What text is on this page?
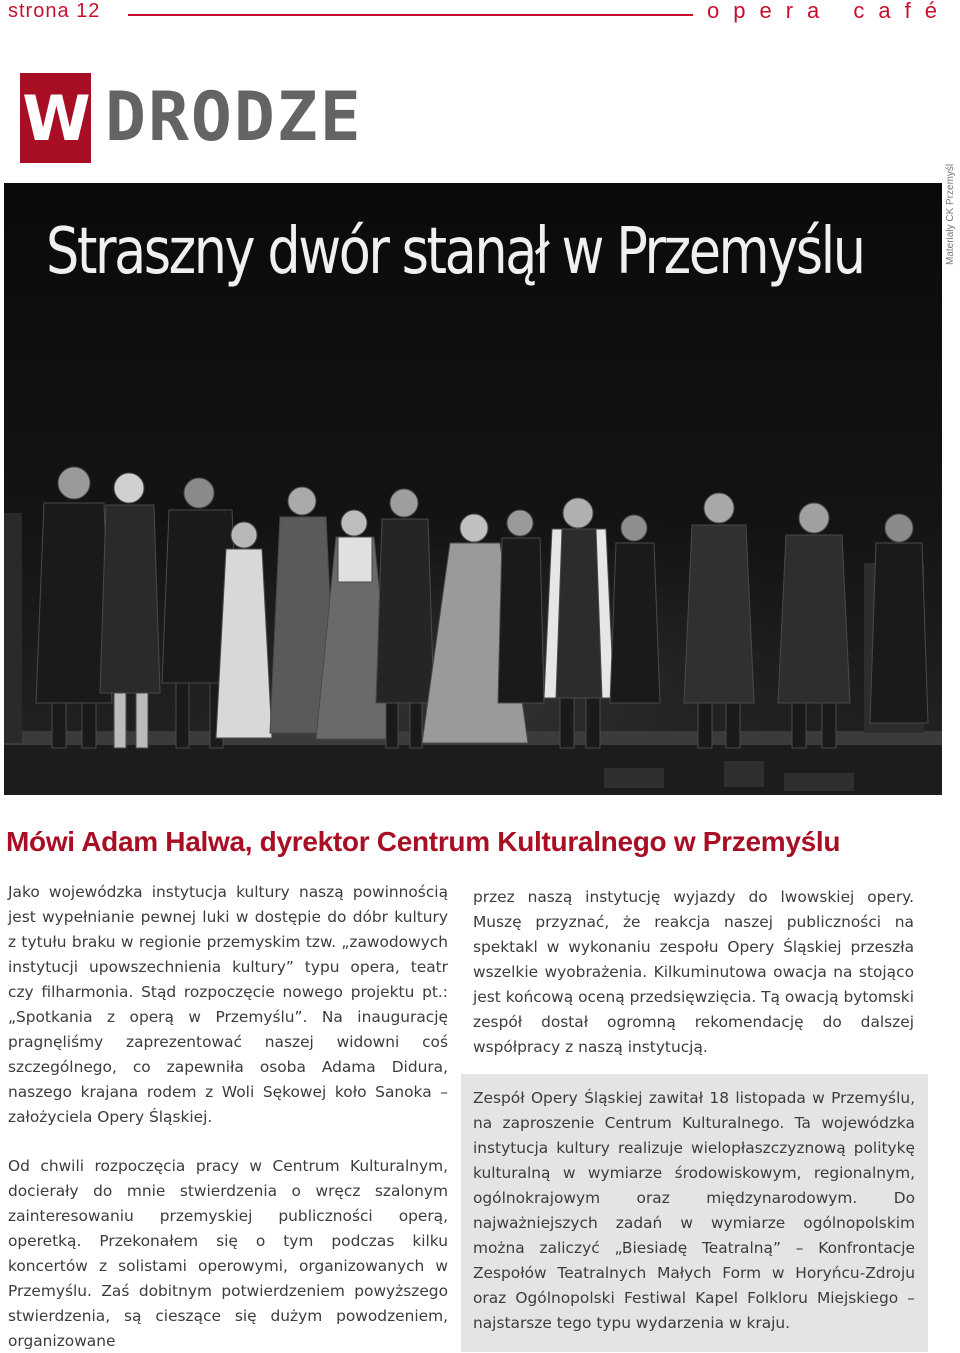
strona 12	opera café
W DRODZE
Straszny dwór stanął w Przemyślu	Materiały CK Przemyśl
Mówi Adam Halwa, dyrektor Centrum Kulturalnego w Przemyślu

Jako wojewódzka instytucja kultury naszą powinnością jest wypełnianie pewnej luki w dostępie do dóbr kultury z tytułu braku w regionie przemyskim tzw. „zawodowych instytucji upowszechnienia kultury” typu opera, teatr czy filharmonia. Stąd rozpoczęcie nowego projektu pt.: „Spotkania z operą w Przemyślu”. Na inaugurację pragnęliśmy zaprezentować naszej widowni coś szczególnego, co zapewniła osoba Adama Didura, naszego krajana rodem z Woli Sękowej koło Sanoka – założyciela Opery Śląskiej.

Od chwili rozpoczęcia pracy w Centrum Kulturalnym, docierały do mnie stwierdzenia o wręcz szalonym zainteresowaniu przemyskiej publiczności operą, operetką. Przekonałem się o tym podczas kilku koncertów z solistami operowymi, organizowanych w Przemyślu. Zaś dobitnym potwierdzeniem powyższego stwierdzenia, są cieszące się dużym powodzeniem, organizowane

przez naszą instytucję wyjazdy do lwowskiej opery. Muszę przyznać, że reakcja naszej publiczności na spektakl w wykonaniu zespołu Opery Śląskiej przeszła wszelkie wyobrażenia. Kilkuminutowa owacja na stojąco jest końcową oceną przedsięwzięcia. Tą owacją bytomski zespół dostał ogromną rekomendację do dalszej współpracy z naszą instytucją.

Zespół Opery Śląskiej zawitał 18 listopada w Przemyślu, na zaproszenie Centrum Kulturalnego. Ta wojewódzka instytucja kultury realizuje wielopłaszczyznową politykę kulturalną w wymiarze środowiskowym, regionalnym, ogólnokrajowym oraz międzynarodowym. Do najważniejszych zadań w wymiarze ogólnopolskim można zaliczyć „Biesiadę Teatralną” – Konfrontacje Zespołów Teatralnych Małych Form w Horyńcu-Zdroju oraz Ogólnopolski Festiwal Kapel Folkloru Miejskiego – najstarsze tego typu wydarzenia w kraju.
